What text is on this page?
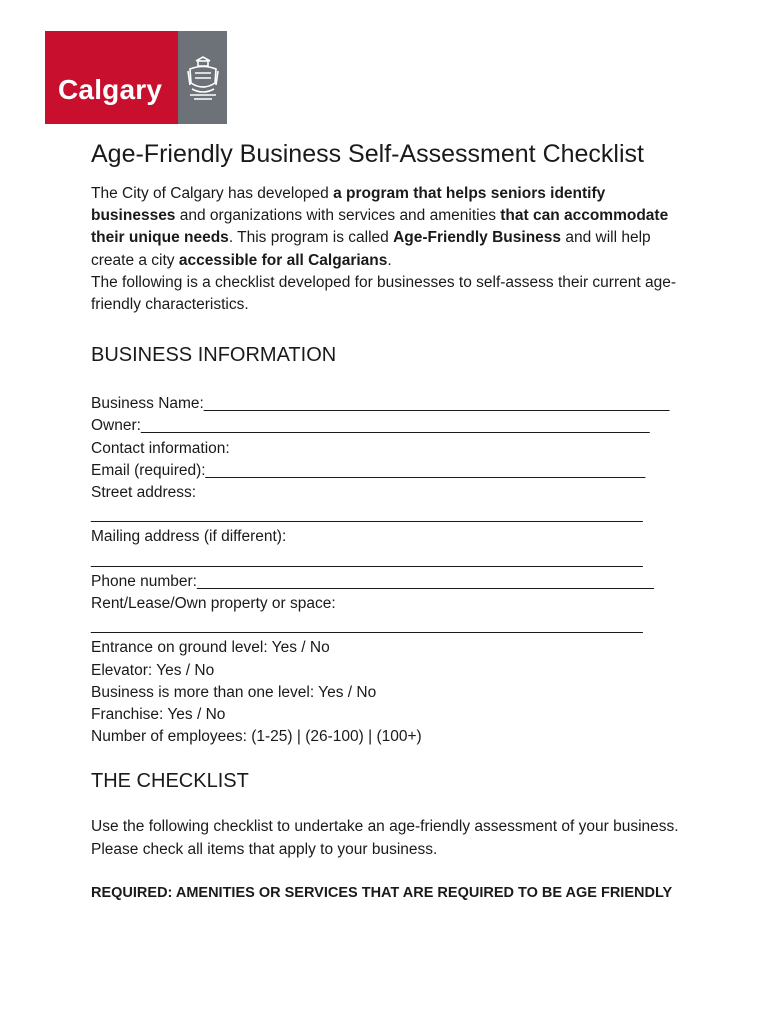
Calgary
Age-Friendly Business Self-Assessment Checklist

The City of Calgary has developed a program that helps seniors identify businesses and organizations with services and amenities that can accommodate their unique needs. This program is called Age-Friendly Business and will help create a city accessible for all Calgarians.

The following is a checklist developed for businesses to self-assess their current age-friendly characteristics.

BUSINESS INFORMATION
Business Name:______________________________________________________
Owner:___________________________________________________________
Contact information:
Email (required):___________________________________________________
Street address:
________________________________________________________________
Mailing address (if different):
________________________________________________________________
Phone number:_____________________________________________________
Rent/Lease/Own property or space:
________________________________________________________________
Entrance on ground level: Yes / No
Elevator: Yes / No
Business is more than one level: Yes / No
Franchise: Yes / No
Number of employees: (1-25) | (26-100) | (100+)
THE CHECKLIST

Use the following checklist to undertake an age-friendly assessment of your business.

Please check all items that apply to your business.

REQUIRED: AMENITIES OR SERVICES THAT ARE REQUIRED TO BE AGE FRIENDLY
